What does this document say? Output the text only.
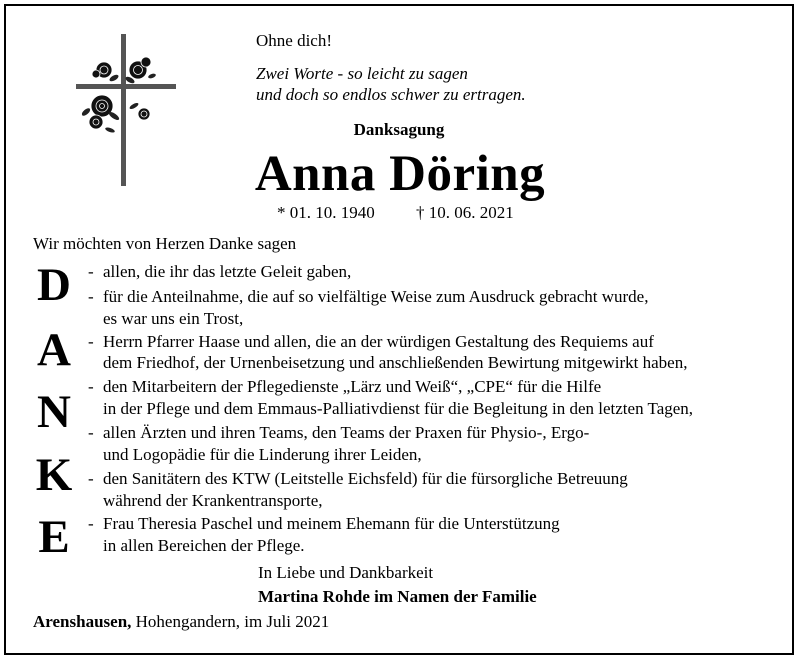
Ohne dich!
Zwei Worte - so leicht zu sagen
und doch so endlos schwer zu ertragen.
Danksagung
Anna Döring
* 01. 10. 1940 † 10. 06. 2021
Wir möchten von Herzen Danke sagen
D
A
N
K
E
- allen, die ihr das letzte Geleit gaben,
- für die Anteilnahme, die auf so vielfältige Weise zum Ausdruck gebracht wurde,
es war uns ein Trost,
- Herrn Pfarrer Haase und allen, die an der würdigen Gestaltung des Requiems auf
dem Friedhof, der Urnenbeisetzung und anschließenden Bewirtung mitgewirkt haben,
- den Mitarbeitern der Pflegedienste „Lärz und Weiß“, „CPE“ für die Hilfe
in der Pflege und dem Emmaus-Palliativdienst für die Begleitung in den letzten Tagen,
- allen Ärzten und ihren Teams, den Teams der Praxen für Physio-, Ergo-
und Logopädie für die Linderung ihrer Leiden,
- den Sanitätern des KTW (Leitstelle Eichsfeld) für die fürsorgliche Betreuung
während der Krankentransporte,
- Frau Theresia Paschel und meinem Ehemann für die Unterstützung
in allen Bereichen der Pflege.
In Liebe und Dankbarkeit
Martina Rohde im Namen der Familie
Arenshausen, Hohengandern, im Juli 2021
